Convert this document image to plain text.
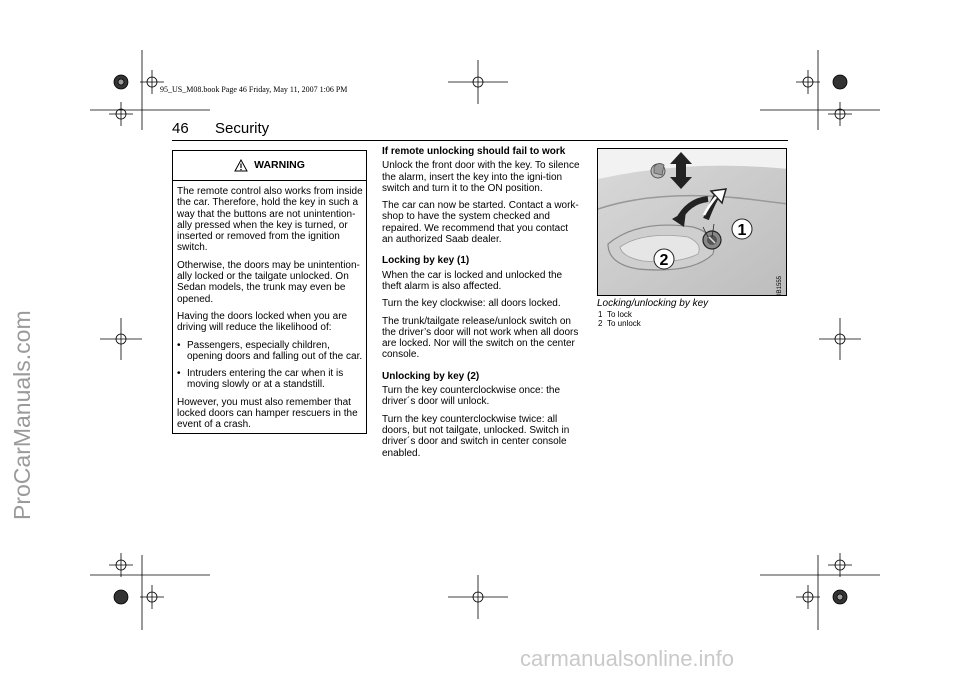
95_US_M08.book Page 46 Friday, May 11, 2007 1:06 PM
ProCarManuals.com
46 Security
WARNING

The remote control also works from inside the car. Therefore, hold the key in such a way that the buttons are not unintention-ally pressed when the key is turned, or inserted or removed from the ignition switch.

Otherwise, the doors may be unintention-ally locked or the tailgate unlocked. On Sedan models, the trunk may even be opened.

Having the doors locked when you are driving will reduce the likelihood of:

• Passengers, especially children, opening doors and falling out of the car.
• Intruders entering the car when it is moving slowly or at a standstill.

However, you must also remember that locked doors can hamper rescuers in the event of a crash.

If remote unlocking should fail to work

Unlock the front door with the key. To silence the alarm, insert the key into the igni-tion switch and turn it to the ON position.

The car can now be started. Contact a work-shop to have the system checked and repaired. We recommend that you contact an authorized Saab dealer.

Locking by key (1)

When the car is locked and unlocked the theft alarm is also affected.

Turn the key clockwise: all doors locked.

The trunk/tailgate release/unlock switch on the driver’s door will not work when all doors are locked. Nor will the switch on the center console.

Unlocking by key (2)

Turn the key counterclockwise once: the driver´s door will unlock.

Turn the key counterclockwise twice: all doors, but not tailgate, unlocked. Switch in driver´s door and switch in center console enabled.

1
2
IB1555
Locking/unlocking by key
1 To lock
2 To unlock
carmanualsonline.info
